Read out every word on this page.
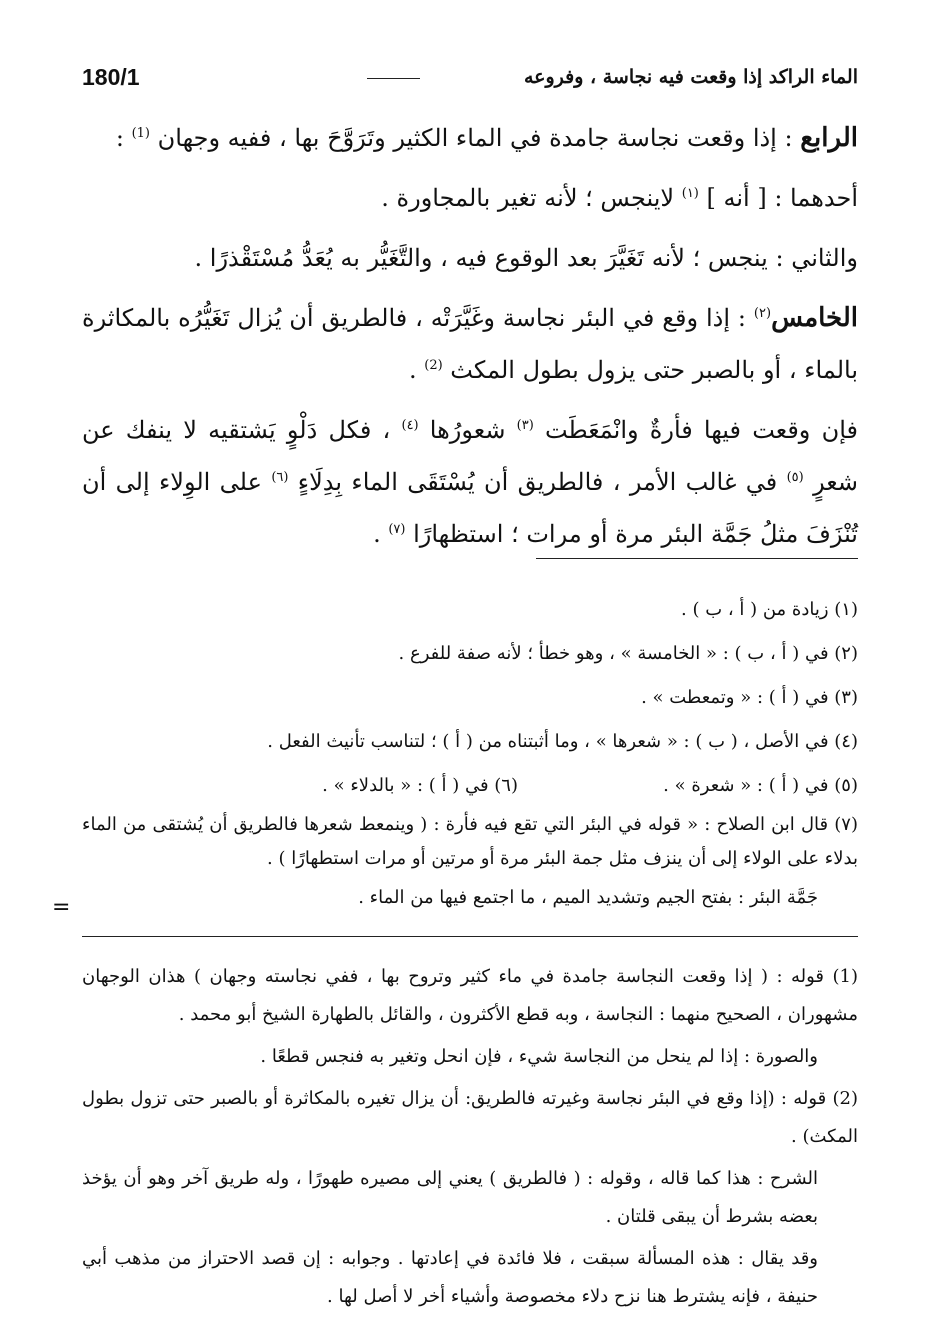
180/1	الماء الراكد إذا وقعت فيه نجاسة ، وفروعه

الرابع : إذا وقعت نجاسة جامدة في الماء الكثير وتَرَوَّحَ بها ، ففيه وجهان $^{(1)}$ :

أحدهما : [ أنه ] $^{(١)}$ لاينجس ؛ لأنه تغير بالمجاورة .

والثاني : ينجس ؛ لأنه تَغَيَّرَ بعد الوقوع فيه ، والتَّغَيُّر به يُعَدُّ مُسْتَقْذرًا .

الخامس$^{(٢)}$ : إذا وقع في البئر نجاسة وغَيَّرَتْه ، فالطريق أن يُزال تَغَيُّرُه بالمكاثرة بالماء ، أو بالصبر حتى يزول بطول المكث $^{(2)}$ .

فإن وقعت فيها فأرةٌ وانْمَعَطَت $^{(٣)}$ شعورُها $^{(٤)}$ ، فكل دَلْوٍ يَشتقيه لا ينفك عن شعرٍ $^{(٥)}$ في غالب الأمر ، فالطريق أن يُسْتَقَى الماء بِدِلَاءٍ $^{(٦)}$ على الوِلاء إلى أن تُنْزَفَ مثلُ جَمَّة البئر مرة أو مرات ؛ استظهارًا $^{(٧)}$ .

(١) زيادة من ( أ ، ب ) .

(٢) في ( أ ، ب ) : « الخامسة » ، وهو خطأ ؛ لأنه صفة للفرع .

(٣) في ( أ ) : « وتمعطت » .

(٤) في الأصل ، ( ب ) : « شعرها » ، وما أثبتناه من ( أ ) ؛ لتناسب تأنيث الفعل .

(٥) في ( أ ) : « شعرة » .
(٦) في ( أ ) : « بالدلاء » .

(٧) قال ابن الصلاح : « قوله في البئر التي تقع فيه فأرة : ( وينمعط شعرها فالطريق أن يُشتقى من الماء بدلاء على الولاء إلى أن ينزف مثل جمة البئر مرة أو مرتين أو مرات استطهارًا ) .

جَمَّة البئر : بفتح الجيم وتشديد الميم ، ما اجتمع فيها من الماء .

=

(1) قوله : ( إذا وقعت النجاسة جامدة في ماء كثير وتروح بها ، ففي نجاسته وجهان ) هذان الوجهان مشهوران ، الصحيح منهما : النجاسة ، وبه قطع الأكثرون ، والقائل بالطهارة الشيخ أبو محمد .

والصورة : إذا لم ينحل من النجاسة شيء ، فإن انحل وتغير به فنجس قطعًا .

(2) قوله : (إذا وقع في البئر نجاسة وغيرته فالطريق: أن يزال تغيره بالمكاثرة أو بالصبر حتى تزول بطول المكث) .

الشرح : هذا كما قاله ، وقوله : ( فالطريق ) يعني إلى مصيره طهورًا ، وله طريق آخر وهو أن يؤخذ بعضه بشرط أن يبقى قلتان .

وقد يقال : هذه المسألة سبقت ، فلا فائدة في إعادتها . وجوابه : إن قصد الاحتراز من مذهب أبي حنيفة ، فإنه يشترط هنا نزح دلاء مخصوصة وأشياء أخر لا أصل لها .
